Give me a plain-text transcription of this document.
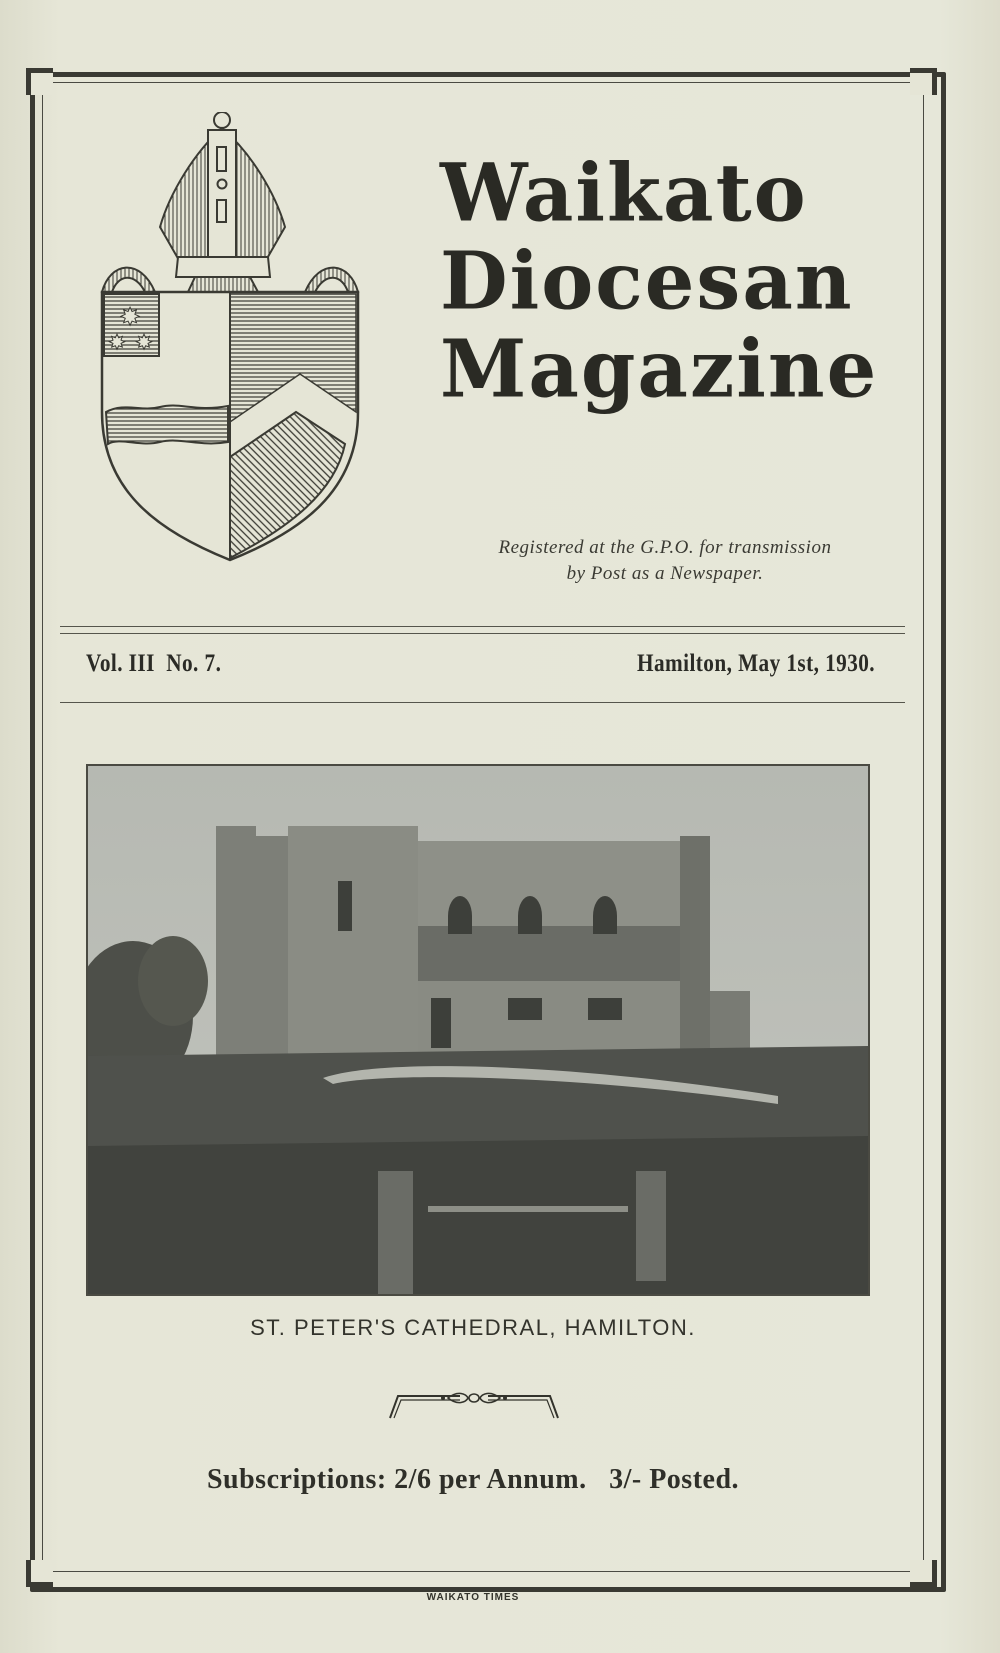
✸
✸ ✸
Waikato
Diocesan
Magazine
Registered at the G.P.O. for transmission
by Post as a Newspaper.
Vol. III  No. 7.	Hamilton, May 1st, 1930.
ST. PETER'S CATHEDRAL, HAMILTON.
Subscriptions: 2/6 per Annum.   3/- Posted.
WAIKATO TIMES
